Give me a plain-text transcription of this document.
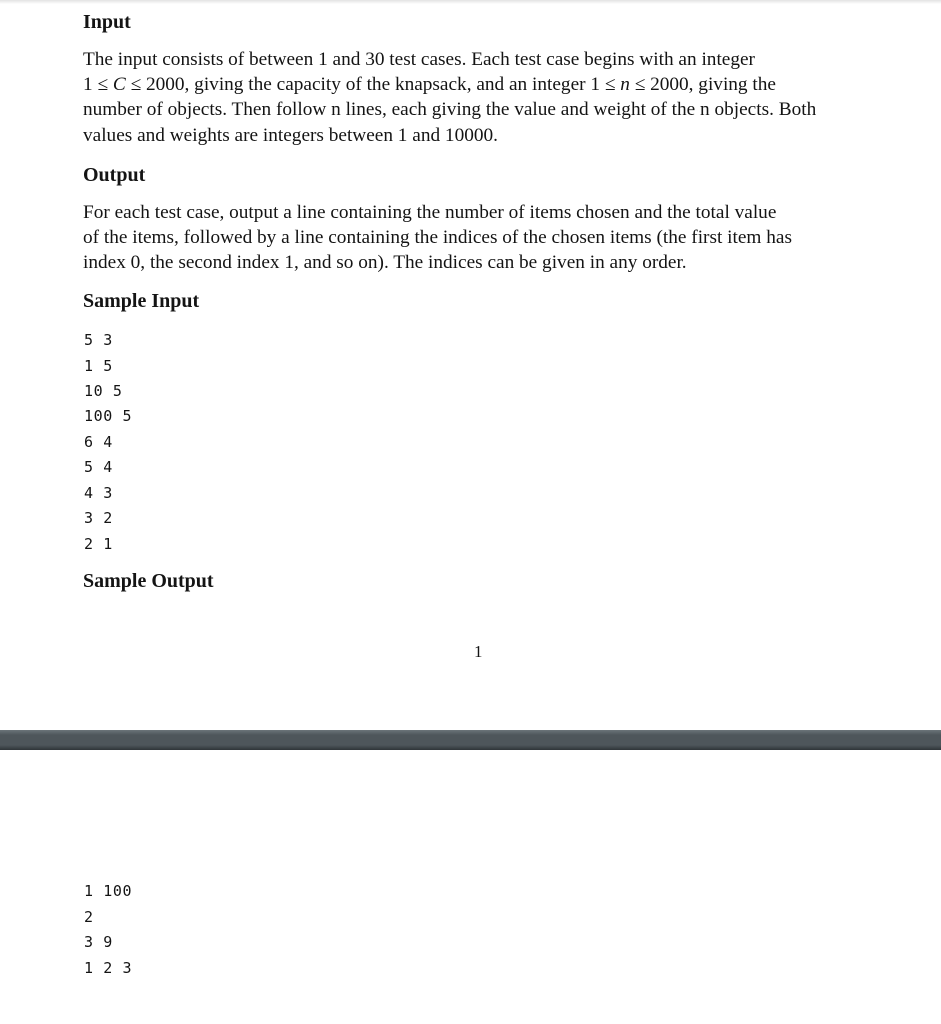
Input

The input consists of between 1 and 30 test cases. Each test case begins with an integer

1 ≤ C ≤ 2000, giving the capacity of the knapsack, and an integer 1 ≤ n ≤ 2000, giving the

number of objects. Then follow n lines, each giving the value and weight of the n objects. Both

values and weights are integers between 1 and 10000.

Output

For each test case, output a line containing the number of items chosen and the total value

of the items, followed by a line containing the indices of the chosen items (the first item has

index 0, the second index 1, and so on). The indices can be given in any order.

Sample Input
5 3
1 5
10 5
100 5
6 4
5 4
4 3
3 2
2 1
Sample Output
1
1 100
2
3 9
1 2 3
